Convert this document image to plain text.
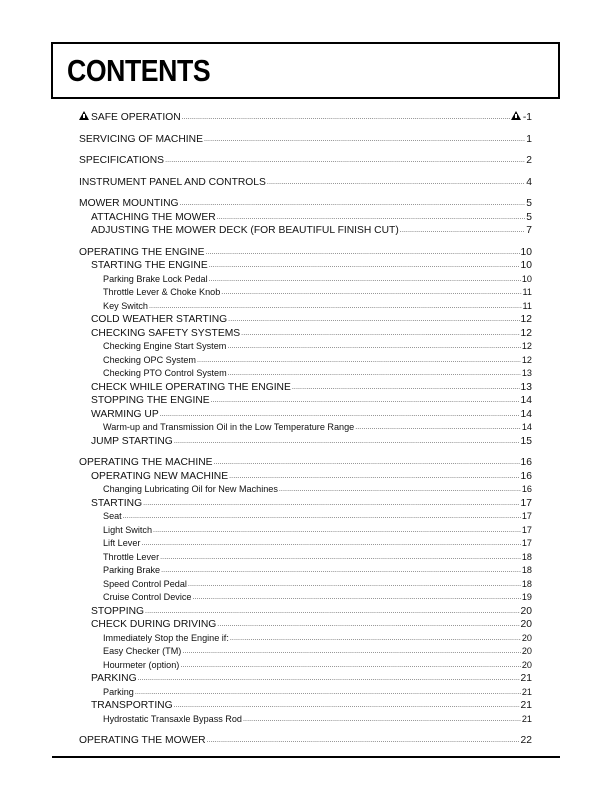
CONTENTS
SAFE OPERATION .....	-1
SERVICING OF MACHINE .....	1
SPECIFICATIONS .....	2
INSTRUMENT PANEL AND CONTROLS .....	4
MOWER MOUNTING .....	5
ATTACHING THE MOWER .....	5
ADJUSTING THE MOWER DECK (FOR BEAUTIFUL FINISH CUT) .....	7
OPERATING THE ENGINE .....	10
STARTING THE ENGINE .....	10
Parking Brake Lock Pedal .....	10
Throttle Lever & Choke Knob .....	11
Key Switch .....	11
COLD WEATHER STARTING .....	12
CHECKING SAFETY SYSTEMS .....	12
Checking Engine Start System .....	12
Checking OPC System .....	12
Checking PTO Control System .....	13
CHECK WHILE OPERATING THE ENGINE .....	13
STOPPING THE ENGINE .....	14
WARMING UP .....	14
Warm-up and Transmission Oil in the Low Temperature Range .....	14
JUMP STARTING .....	15
OPERATING THE MACHINE .....	16
OPERATING NEW MACHINE .....	16
Changing Lubricating Oil for New Machines .....	16
STARTING .....	17
Seat .....	17
Light Switch .....	17
Lift Lever .....	17
Throttle Lever .....	18
Parking Brake .....	18
Speed Control Pedal .....	18
Cruise Control Device .....	19
STOPPING .....	20
CHECK DURING DRIVING .....	20
Immediately Stop the Engine if: .....	20
Easy Checker (TM) .....	20
Hourmeter (option) .....	20
PARKING .....	21
Parking .....	21
TRANSPORTING .....	21
Hydrostatic Transaxle Bypass Rod .....	21
OPERATING THE MOWER .....	22
